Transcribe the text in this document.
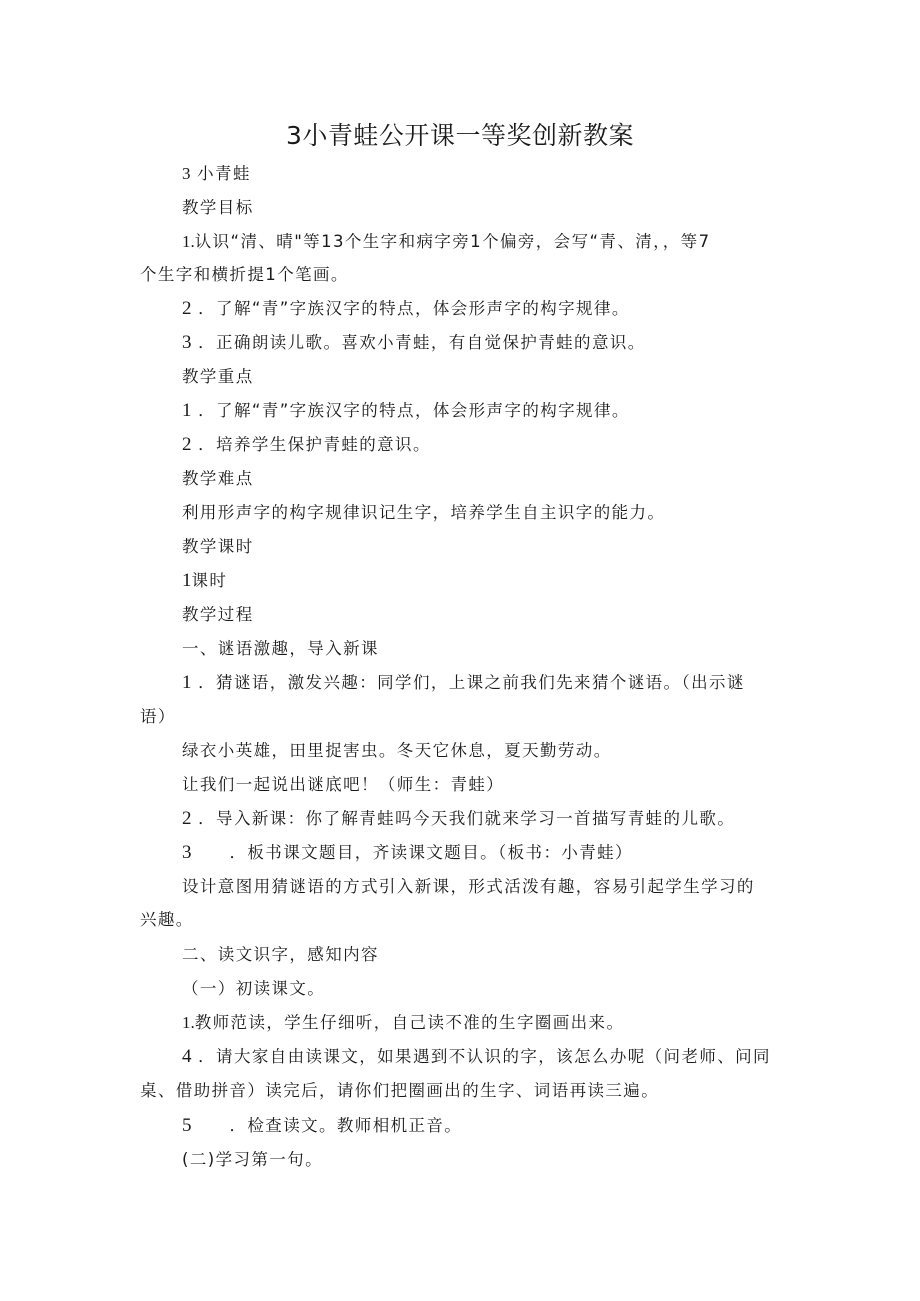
3小青蛙公开课一等奖创新教案
3 小青蛙
教学目标
1.认识“清、晴"等13个生字和病字旁1个偏旁，会写“青、清，，等7
个生字和横折提1个笔画。
2 ．了解“青”字族汉字的特点，体会形声字的构字规律。
3 ．正确朗读儿歌。喜欢小青蛙，有自觉保护青蛙的意识。
教学重点
1 ．了解“青”字族汉字的特点，体会形声字的构字规律。
2 ．培养学生保护青蛙的意识。
教学难点
利用形声字的构字规律识记生字，培养学生自主识字的能力。
教学课时
1课时
教学过程
一、谜语激趣，导入新课
1 ．猜谜语，激发兴趣：同学们，上课之前我们先来猜个谜语。（出示谜
语）
绿衣小英雄，田里捉害虫。冬天它休息，夏天勤劳动。
让我们一起说出谜底吧！（师生：青蛙）
2 ．导入新课：你了解青蛙吗今天我们就来学习一首描写青蛙的儿歌。
3 ．板书课文题目，齐读课文题目。（板书：小青蛙）
设计意图用猜谜语的方式引入新课，形式活泼有趣，容易引起学生学习的
兴趣。
二、读文识字，感知内容
（一）初读课文。
1.教师范读，学生仔细听，自己读不准的生字圈画出来。
4 ．请大家自由读课文，如果遇到不认识的字，该怎么办呢（问老师、问同
桌、借助拼音）读完后，请你们把圈画出的生字、词语再读三遍。
5 ．检查读文。教师相机正音。
(二)学习第一句。
